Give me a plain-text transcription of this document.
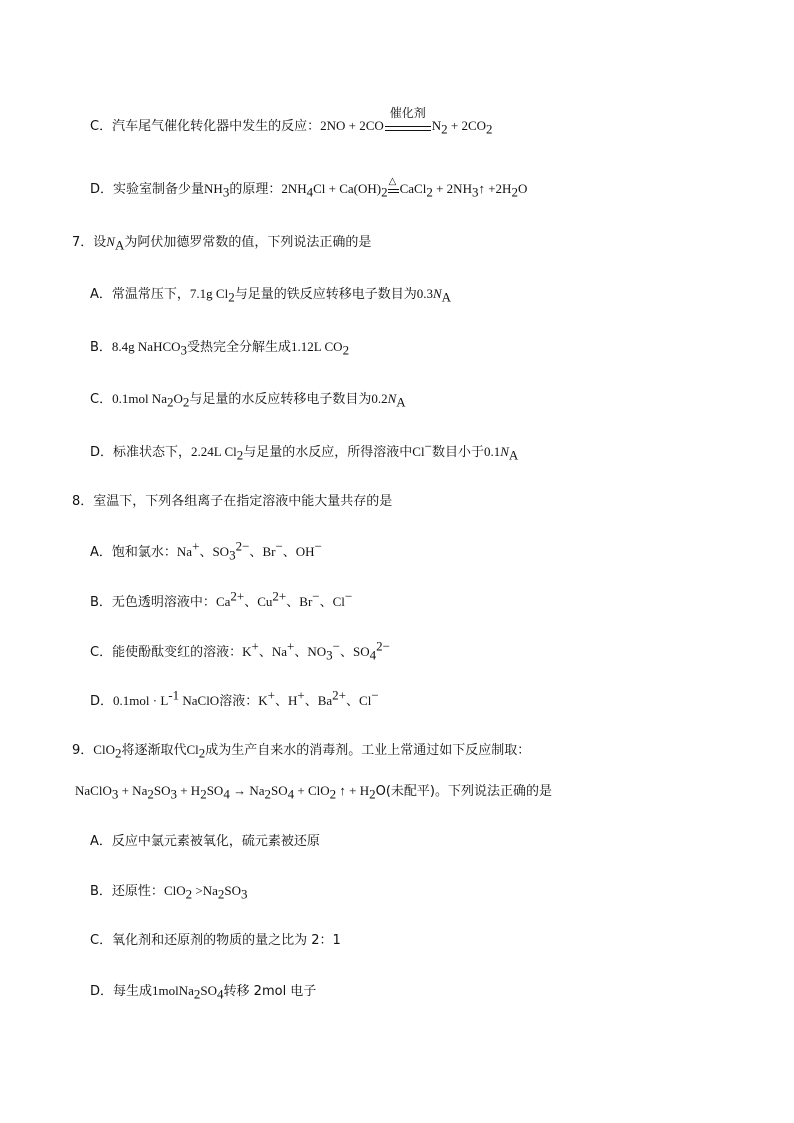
C．汽车尾气催化转化器中发生的反应：2NO + 2CO
催化剂
$N_2 + 2CO_2$
D．实验室制备少量$NH_3$的原理：$2NH_4Cl + Ca(OH)_2$
△ CaCl$_2$ + $2NH_3↑ +2H_2O$
7．设$N_A$为阿伏加德罗常数的值，下列说法正确的是
A．常温常压下，7.1g $Cl_2$与足量的铁反应转移电子数目为$0.3N_A$
B．8.4g NaHCO$_3$受热完全分解生成1.12L $CO_2$
C．0.1mol $Na_2O_2$与足量的水反应转移电子数目为$0.2N_A$
D．标准状态下，2.24L $Cl_2$与足量的水反应，所得溶液中Cl−数目小于$0.1N_A$
8．室温下，下列各组离子在指定溶液中能大量共存的是
A．饱和氯水：Na+、$SO_3^{2-}$、Br−、OH−
B．无色透明溶液中：$Ca^{2+}$、$Cu^{2+}$、Br−、Cl−
C．能使酚酞变红的溶液：K+、Na+、$NO_3^-$、$SO_4^{2-}$
D．$0.1mol \cdot L^{-1}$ NaClO溶液：K+、H+、$Ba^{2+}$、Cl−
9．ClO$_2$将逐渐取代$Cl_2$成为生产自来水的消毒剂。工业上常通过如下反应制取：
NaClO$_3$ + $Na_2SO_3 + H_2SO_4 \to Na_2SO_4 + ClO_2$ ↑ + $H_2O$(未配平)。下列说法正确的是
A．反应中氯元素被氧化，硫元素被还原
B．还原性：$ClO_2 >Na_2SO_3$
C．氧化剂和还原剂的物质的量之比为 2：1
D．每生成$1molNa_2SO_4$转移 2mol 电子
